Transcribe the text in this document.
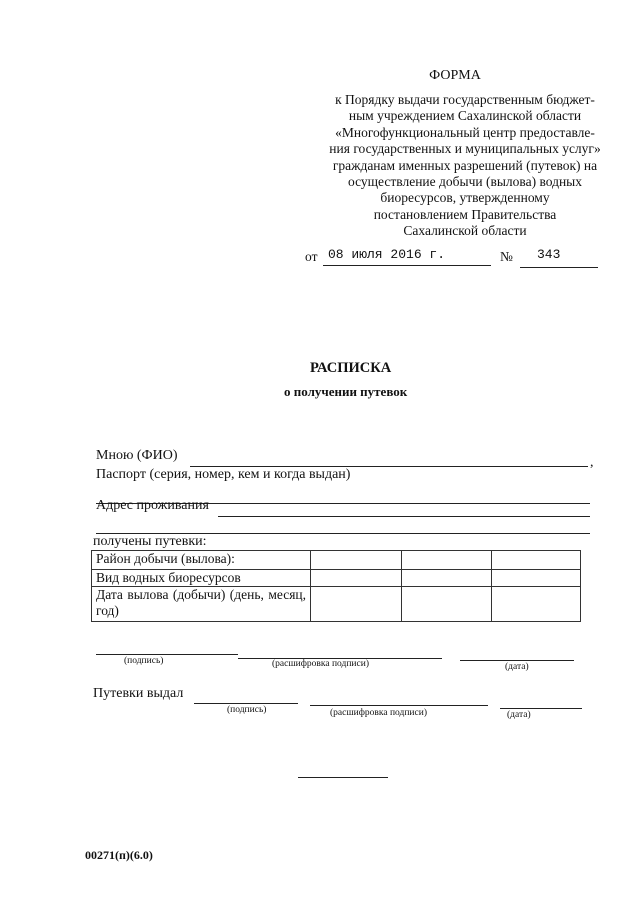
ФОРМА
к Порядку выдачи государственным бюджет-
ным учреждением Сахалинской области
«Многофункциональный центр предоставле-
ния государственных и муниципальных услуг»
гражданам именных разрешений (путевок) на
осуществление добычи (вылова) водных
биоресурсов, утвержденному
постановлением Правительства
Сахалинской области
от 08 июля 2016 г.	№ 343
РАСПИСКА
о получении путевок
Мною (ФИО)	,
Паспорт (серия, номер, кем и когда выдан)
Адрес проживания
получены путевки:
Район добычи (вылова):			
Вид водных биоресурсов			
Дата вылова (добычи) (день, месяц, год)			
(подпись)	(расшифровка подписи)	(дата)
Путевки выдал
(подпись)	(расшифровка подписи)	(дата)
00271(п)(6.0)
